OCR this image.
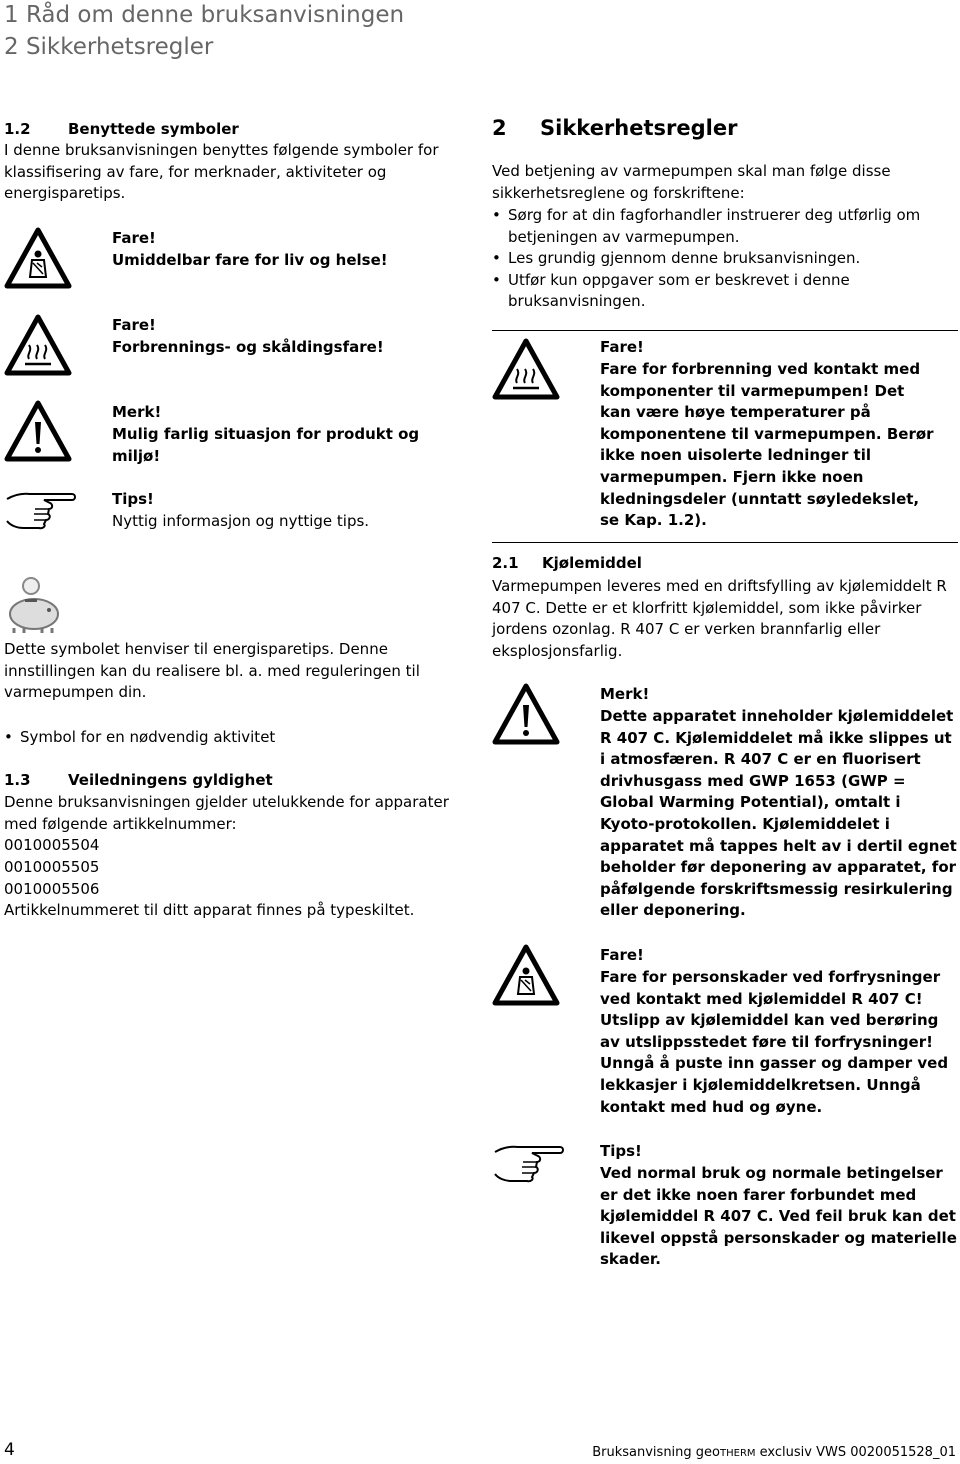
1 Råd om denne bruksanvisningen
2 Sikkerhetsregler
1.2 Benyttede symboler
I denne bruksanvisningen benyttes følgende symboler for klassifisering av fare, for merknader, aktiviteter og energisparetips.
Fare!
Umiddelbar fare for liv og helse!
Fare!
Forbrennings- og skåldingsfare!
Merk!
Mulig farlig situasjon for produkt og miljø!
Tips!
Nyttig informasjon og nyttige tips.
Dette symbolet henviser til energisparetips. Denne innstillingen kan du realisere bl. a. med reguleringen til varmepumpen din.
• Symbol for en nødvendig aktivitet
1.3 Veiledningens gyldighet
Denne bruksanvisningen gjelder utelukkende for apparater med følgende artikkelnummer:
0010005504
0010005505
0010005506
Artikkelnummeret til ditt apparat finnes på typeskiltet.
2 Sikkerhetsregler
Ved betjening av varmepumpen skal man følge disse sikkerhetsreglene og forskriftene:
• Sørg for at din fagforhandler instruerer deg utførlig om betjeningen av varmepumpen.
• Les grundig gjennom denne bruksanvisningen.
• Utfør kun oppgaver som er beskrevet i denne bruksanvisningen.
Fare!
Fare for forbrenning ved kontakt med komponenter til varmepumpen! Det kan være høye temperaturer på komponentene til varmepumpen. Berør ikke noen uisolerte ledninger til varmepumpen. Fjern ikke noen kledningsdeler (unntatt søyledekslet, se Kap. 1.2).
2.1 Kjølemiddel
Varmepumpen leveres med en driftsfylling av kjølemiddelt R 407 C. Dette er et klorfritt kjølemiddel, som ikke påvirker jordens ozonlag. R 407 C er verken brannfarlig eller eksplosjonsfarlig.
Merk!
Dette apparatet inneholder kjølemiddelet R 407 C. Kjølemiddelet må ikke slippes ut i atmosfæren. R 407 C er en fluorisert drivhusgass med GWP 1653 (GWP = Global Warming Potential), omtalt i Kyoto-protokollen. Kjølemiddelet i apparatet må tappes helt av i dertil egnet beholder før deponering av apparatet, for påfølgende forskriftsmessig resirkulering eller deponering.
Fare!
Fare for personskader ved forfrysninger ved kontakt med kjølemiddel R 407 C! Utslipp av kjølemiddel kan ved berøring av utslippsstedet føre til forfrysninger! Unngå å puste inn gasser og damper ved lekkasjer i kjølemiddelkretsen. Unngå kontakt med hud og øyne.
Tips!
Ved normal bruk og normale betingelser er det ikke noen farer forbundet med kjølemiddel R 407 C. Ved feil bruk kan det likevel oppstå personskader og materielle skader.
4	Bruksanvisning geoTHERM exclusiv VWS 0020051528_01
